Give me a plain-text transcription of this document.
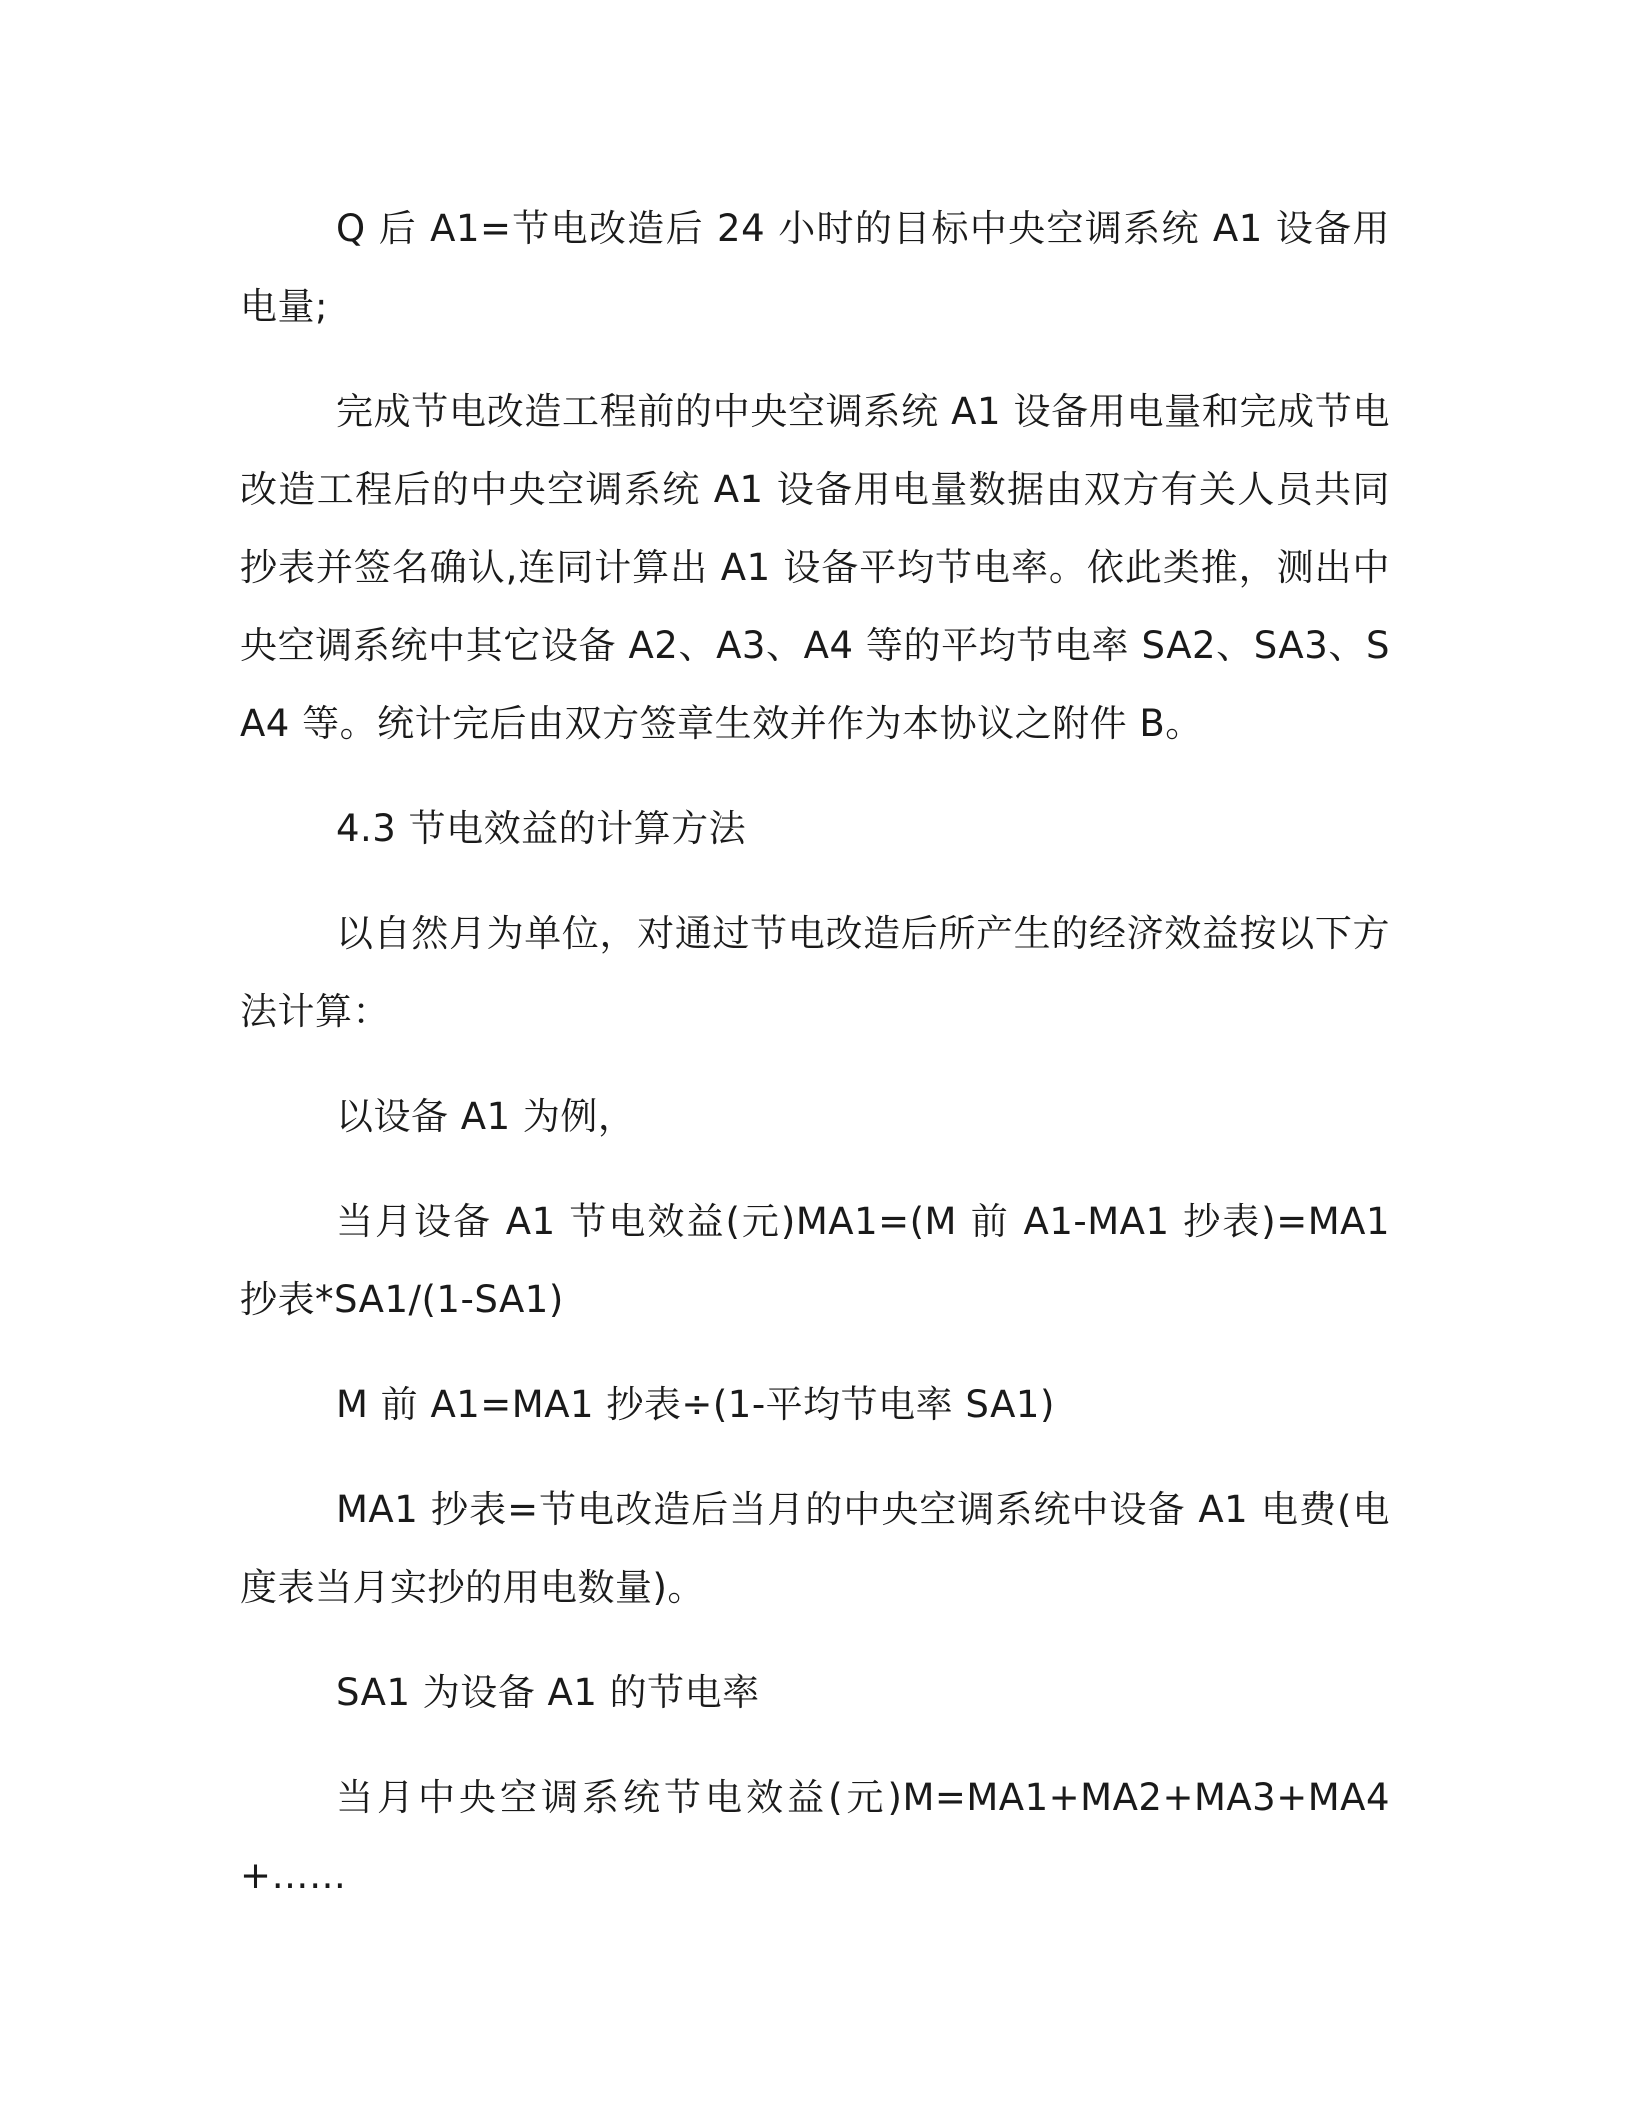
Q 后 A1=节电改造后 24 小时的目标中央空调系统 A1 设备用电量;

完成节电改造工程前的中央空调系统 A1 设备用电量和完成节电改造工程后的中央空调系统 A1 设备用电量数据由双方有关人员共同抄表并签名确认,连同计算出 A1 设备平均节电率。依此类推，测出中央空调系统中其它设备 A2、A3、A4 等的平均节电率 SA2、SA3、SA4 等。统计完后由双方签章生效并作为本协议之附件 B。

4.3 节电效益的计算方法

以自然月为单位，对通过节电改造后所产生的经济效益按以下方法计算：

以设备 A1 为例，

当月设备 A1 节电效益(元)MA1=(M 前 A1-MA1 抄表)=MA1 抄表*SA1/(1-SA1)

M 前 A1=MA1 抄表÷(1-平均节电率 SA1)

MA1 抄表=节电改造后当月的中央空调系统中设备 A1 电费(电度表当月实抄的用电数量)。

SA1 为设备 A1 的节电率

当月中央空调系统节电效益(元)M=MA1+MA2+MA3+MA4+……
